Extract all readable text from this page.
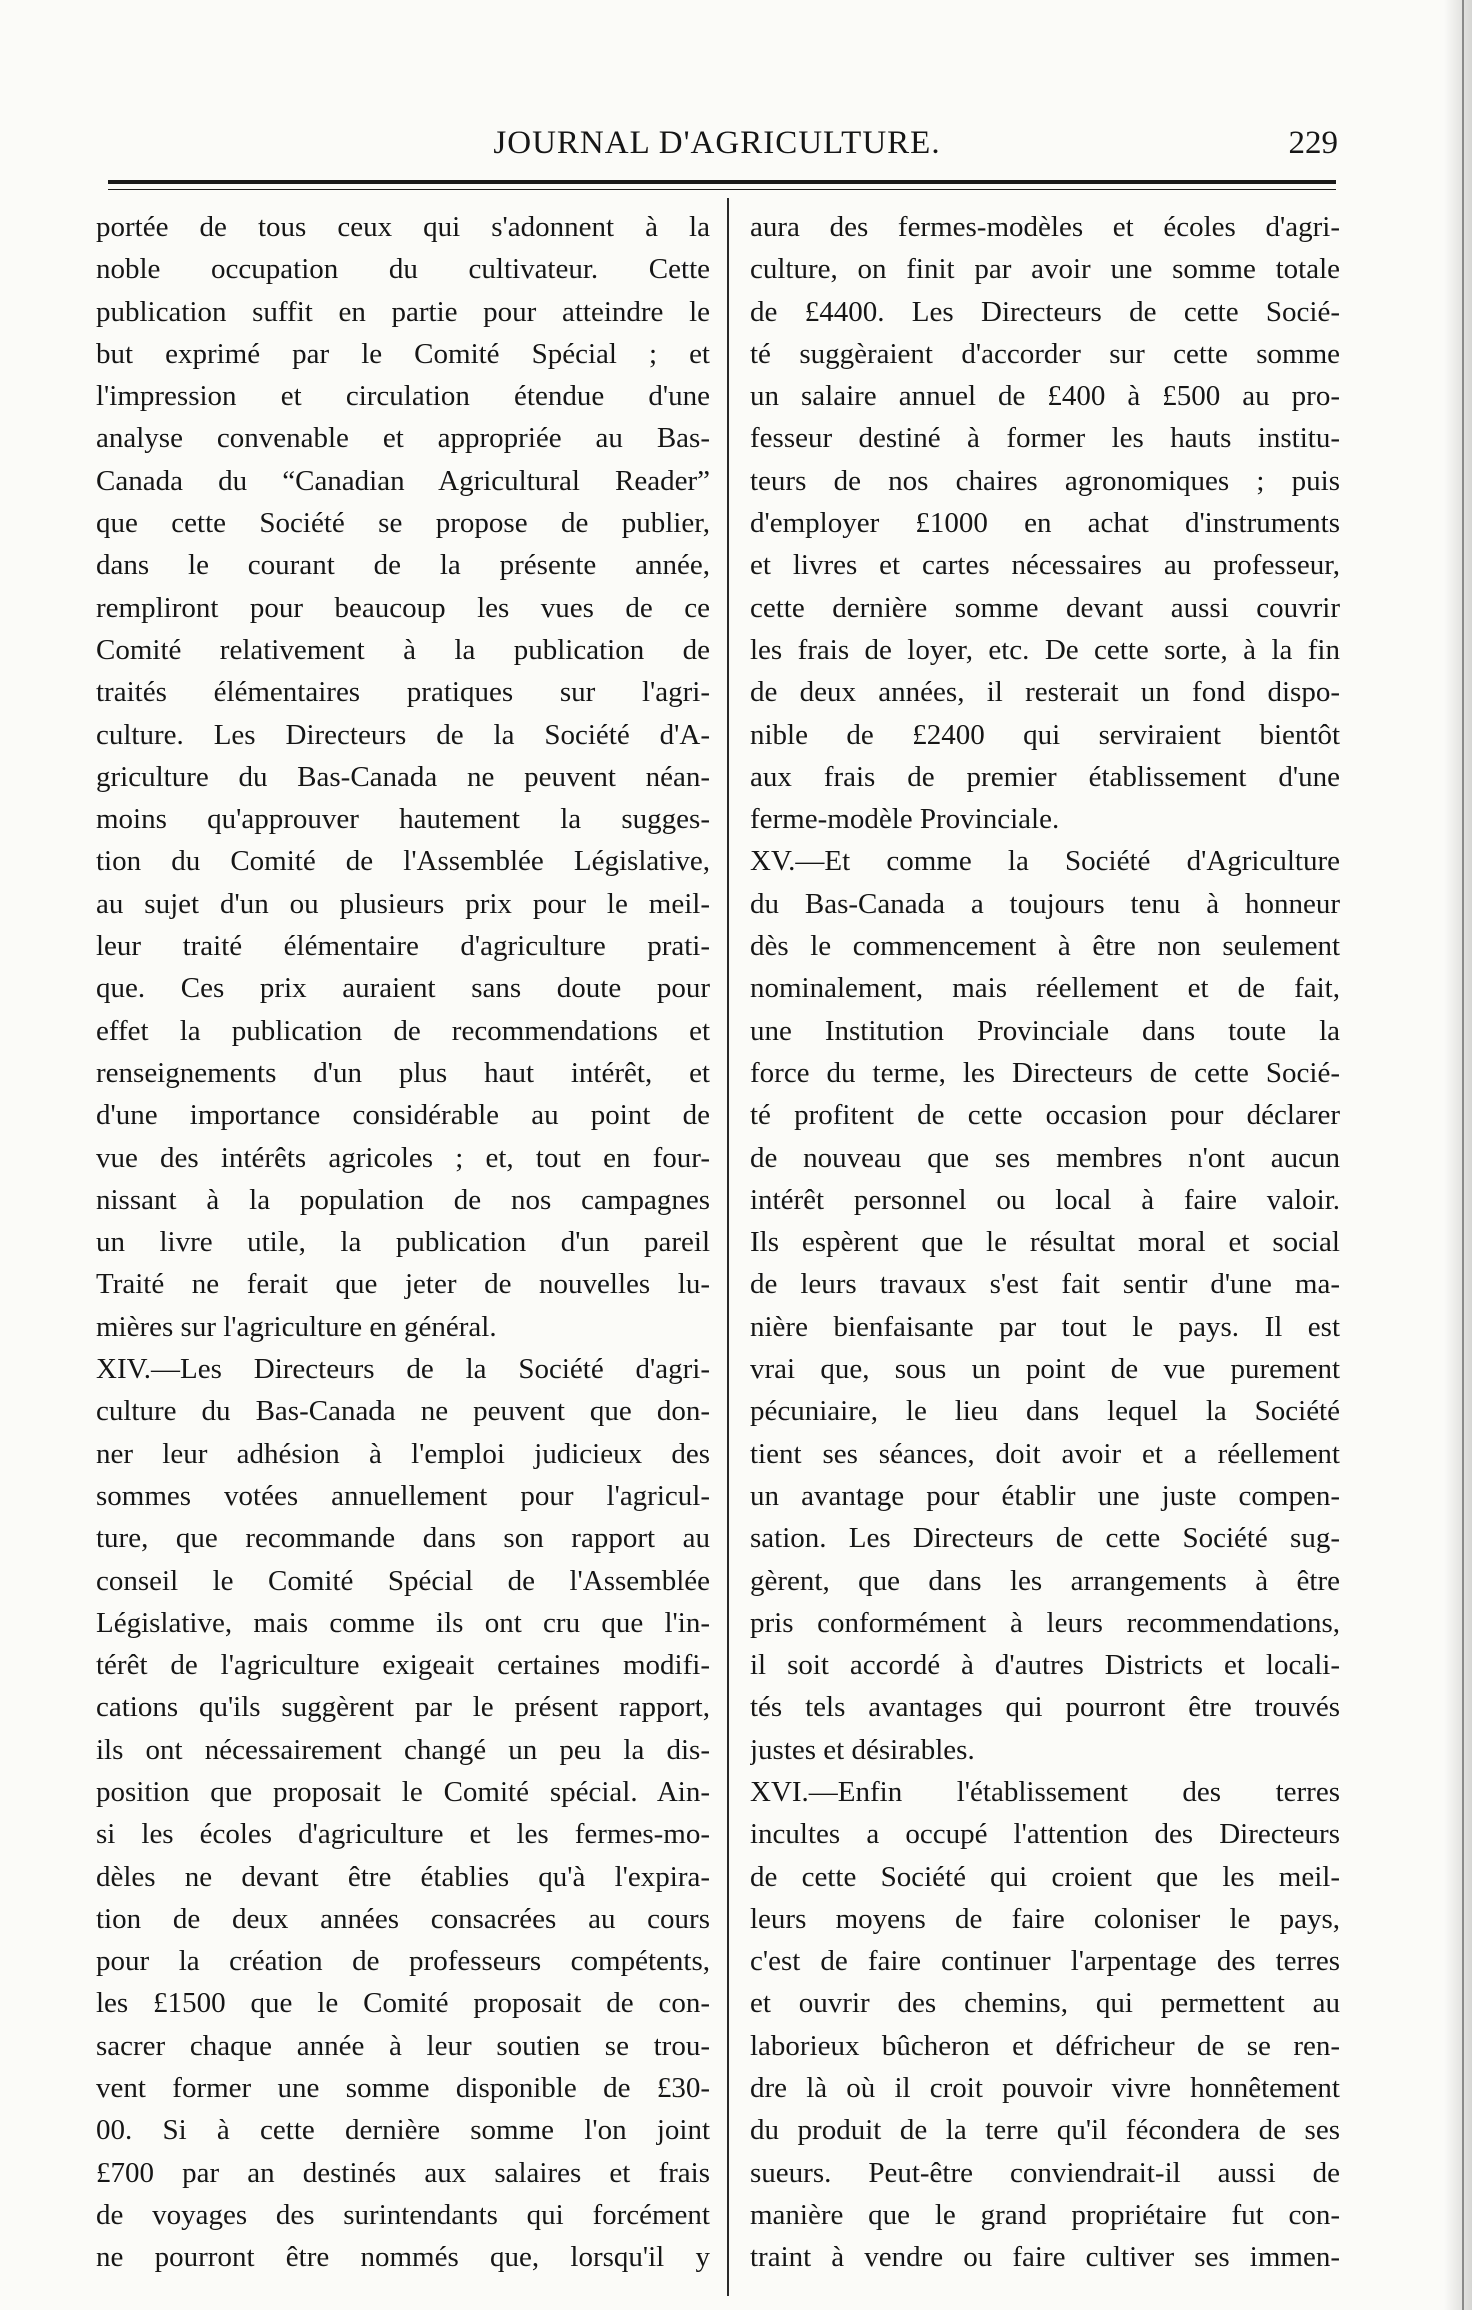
JOURNAL D'AGRICULTURE.	229
portée de tous ceux qui s'adonnent à la
noble occupation du cultivateur. Cette
publication suffit en partie pour atteindre le
but exprimé par le Comité Spécial ; et
l'impression et circulation étendue d'une
analyse convenable et appropriée au Bas-
Canada du “Canadian Agricultural Reader”
que cette Société se propose de publier,
dans le courant de la présente année,
rempliront pour beaucoup les vues de ce
Comité relativement à la publication de
traités élémentaires pratiques sur l'agri-
culture. Les Directeurs de la Société d'A-
griculture du Bas-Canada ne peuvent néan-
moins qu'approuver hautement la sugges-
tion du Comité de l'Assemblée Législative,
au sujet d'un ou plusieurs prix pour le meil-
leur traité élémentaire d'agriculture prati-
que. Ces prix auraient sans doute pour
effet la publication de recommendations et
renseignements d'un plus haut intérêt, et
d'une importance considérable au point de
vue des intérêts agricoles ; et, tout en four-
nissant à la population de nos campagnes
un livre utile, la publication d'un pareil
Traité ne ferait que jeter de nouvelles lu-
mières sur l'agriculture en général.
XIV.—Les Directeurs de la Société d'agri-
culture du Bas-Canada ne peuvent que don-
ner leur adhésion à l'emploi judicieux des
sommes votées annuellement pour l'agricul-
ture, que recommande dans son rapport au
conseil le Comité Spécial de l'Assemblée
Législative, mais comme ils ont cru que l'in-
térêt de l'agriculture exigeait certaines modifi-
cations qu'ils suggèrent par le présent rapport,
ils ont nécessairement changé un peu la dis-
position que proposait le Comité spécial. Ain-
si les écoles d'agriculture et les fermes-mo-
dèles ne devant être établies qu'à l'expira-
tion de deux années consacrées au cours
pour la création de professeurs compétents,
les £1500 que le Comité proposait de con-
sacrer chaque année à leur soutien se trou-
vent former une somme disponible de £30-
00. Si à cette dernière somme l'on joint
£700 par an destinés aux salaires et frais
de voyages des surintendants qui forcément
ne pourront être nommés que, lorsqu'il y
aura des fermes-modèles et écoles d'agri-
culture, on finit par avoir une somme totale
de £4400. Les Directeurs de cette Socié-
té suggèraient d'accorder sur cette somme
un salaire annuel de £400 à £500 au pro-
fesseur destiné à former les hauts institu-
teurs de nos chaires agronomiques ; puis
d'employer £1000 en achat d'instruments
et livres et cartes nécessaires au professeur,
cette dernière somme devant aussi couvrir
les frais de loyer, etc. De cette sorte, à la fin
de deux années, il resterait un fond dispo-
nible de £2400 qui serviraient bientôt
aux frais de premier établissement d'une
ferme-modèle Provinciale.
XV.—Et comme la Société d'Agriculture
du Bas-Canada a toujours tenu à honneur
dès le commencement à être non seulement
nominalement, mais réellement et de fait,
une Institution Provinciale dans toute la
force du terme, les Directeurs de cette Socié-
té profitent de cette occasion pour déclarer
de nouveau que ses membres n'ont aucun
intérêt personnel ou local à faire valoir.
Ils espèrent que le résultat moral et social
de leurs travaux s'est fait sentir d'une ma-
nière bienfaisante par tout le pays. Il est
vrai que, sous un point de vue purement
pécuniaire, le lieu dans lequel la Société
tient ses séances, doit avoir et a réellement
un avantage pour établir une juste compen-
sation. Les Directeurs de cette Société sug-
gèrent, que dans les arrangements à être
pris conformément à leurs recommendations,
il soit accordé à d'autres Districts et locali-
tés tels avantages qui pourront être trouvés
justes et désirables.
XVI.—Enfin l'établissement des terres
incultes a occupé l'attention des Directeurs
de cette Société qui croient que les meil-
leurs moyens de faire coloniser le pays,
c'est de faire continuer l'arpentage des terres
et ouvrir des chemins, qui permettent au
laborieux bûcheron et défricheur de se ren-
dre là où il croit pouvoir vivre honnêtement
du produit de la terre qu'il fécondera de ses
sueurs. Peut-être conviendrait-il aussi de
manière que le grand propriétaire fut con-
traint à vendre ou faire cultiver ses immen-
